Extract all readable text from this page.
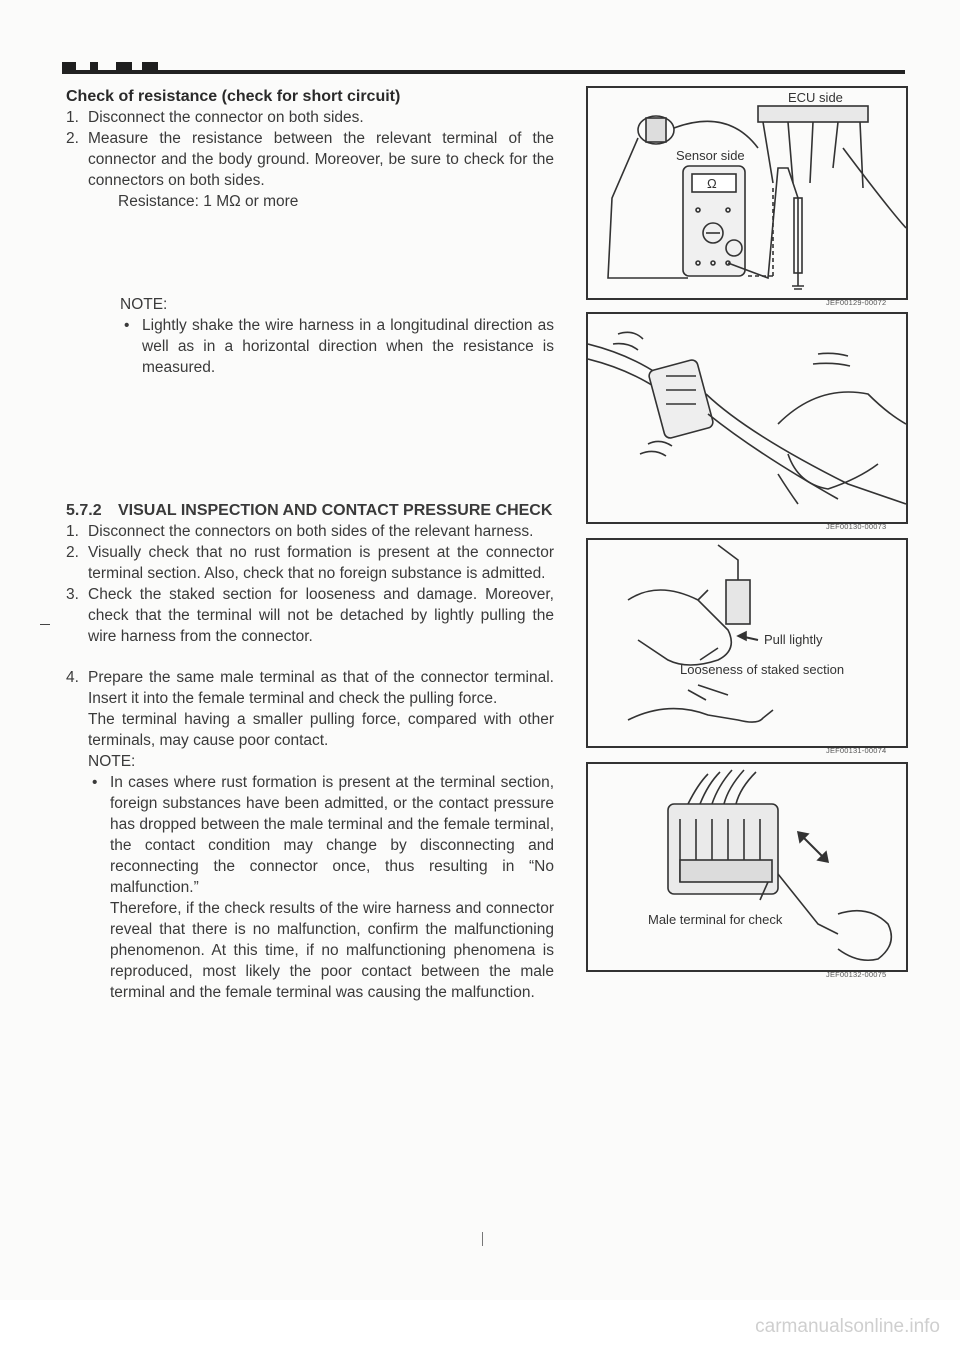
Check of resistance (check for short circuit)
1. Disconnect the connector on both sides.
2. Measure the resistance between the relevant terminal of the connector and the body ground. Moreover, be sure to check for the connectors on both sides.
Resistance: 1 MΩ or more
NOTE:
• Lightly shake the wire harness in a longitudinal direction as well as in a horizontal direction when the resistance is measured.
5.7.2 VISUAL INSPECTION AND CONTACT PRESSURE CHECK
1. Disconnect the connectors on both sides of the relevant harness.
2. Visually check that no rust formation is present at the connector terminal section. Also, check that no foreign substance is admitted.
3. Check the staked section for looseness and damage. Moreover, check that the terminal will not be detached by lightly pulling the wire harness from the connector.
4. Prepare the same male terminal as that of the connector terminal. Insert it into the female terminal and check the pulling force.
The terminal having a smaller pulling force, compared with other terminals, may cause poor contact.
NOTE:
• In cases where rust formation is present at the terminal section, foreign substances have been admitted, or the contact pressure has dropped between the male terminal and the female terminal, the contact condition may change by disconnecting and reconnecting the connector once, thus resulting in “No malfunction.”
Therefore, if the check results of the wire harness and connector reveal that there is no malfunction, confirm the malfunctioning phenomenon. At this time, if no malfunctioning phenomena is reproduced, most likely the poor contact between the male terminal and the female terminal was causing the malfunction.
ECU side
Sensor side
Ω
JEF00129-00072
JEF00130-00073
Pull lightly
Looseness of staked section
JEF00131-00074
Male terminal for check
JEF00132-00075
carmanualsonline.info
